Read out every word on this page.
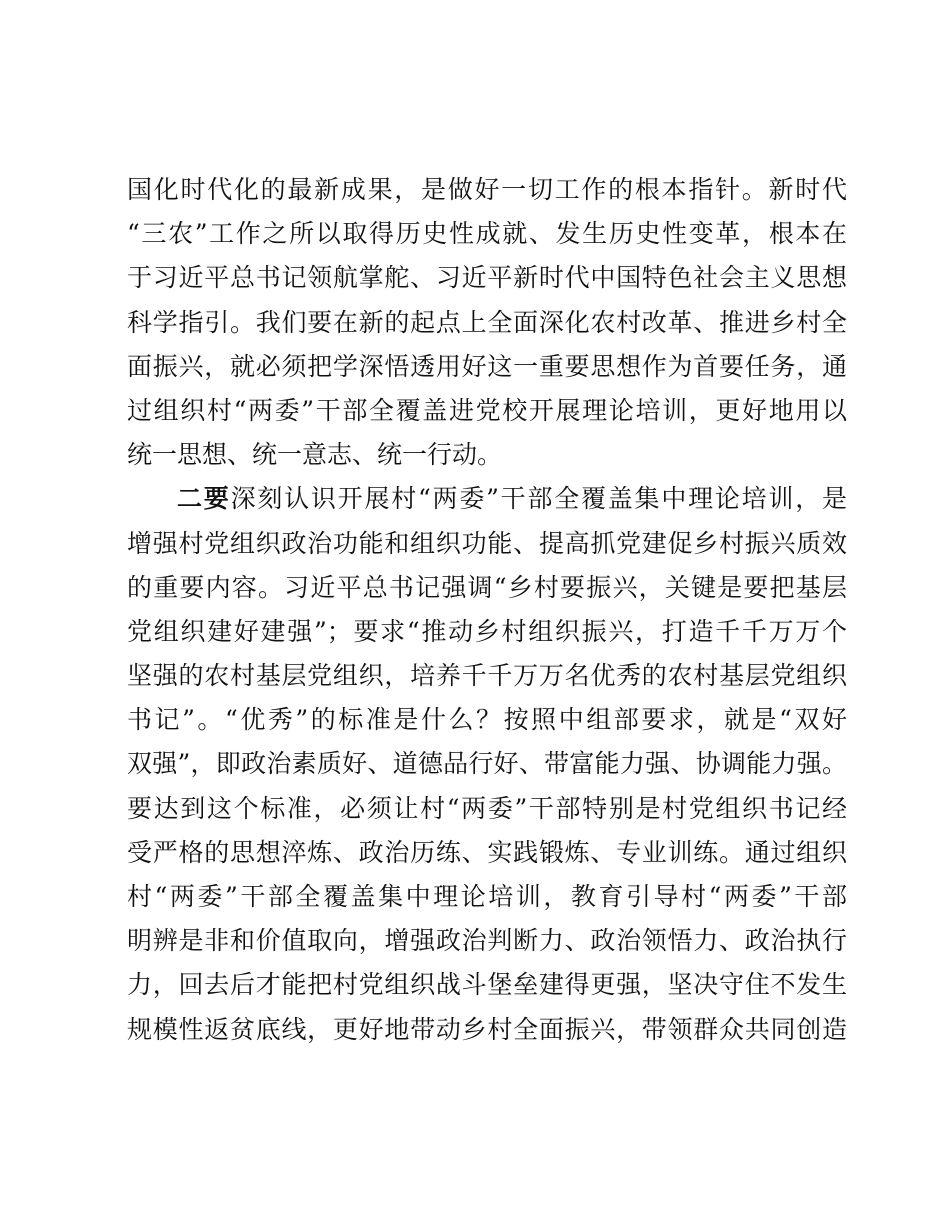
国化时代化的最新成果，是做好一切工作的根本指针。新时代
“三农”工作之所以取得历史性成就、发生历史性变革，根本在
于习近平总书记领航掌舵、习近平新时代中国特色社会主义思想
科学指引。我们要在新的起点上全面深化农村改革、推进乡村全
面振兴，就必须把学深悟透用好这一重要思想作为首要任务，通
过组织村“两委”干部全覆盖进党校开展理论培训，更好地用以
统一思想、统一意志、统一行动。
二要深刻认识开展村“两委”干部全覆盖集中理论培训，是
增强村党组织政治功能和组织功能、提高抓党建促乡村振兴质效
的重要内容。习近平总书记强调“乡村要振兴，关键是要把基层
党组织建好建强”；要求“推动乡村组织振兴，打造千千万万个
坚强的农村基层党组织，培养千千万万名优秀的农村基层党组织
书记”。“优秀”的标准是什么？按照中组部要求，就是“双好
双强”，即政治素质好、道德品行好、带富能力强、协调能力强。
要达到这个标准，必须让村“两委”干部特别是村党组织书记经
受严格的思想淬炼、政治历练、实践锻炼、专业训练。通过组织
村“两委”干部全覆盖集中理论培训，教育引导村“两委”干部
明辨是非和价值取向，增强政治判断力、政治领悟力、政治执行
力，回去后才能把村党组织战斗堡垒建得更强，坚决守住不发生
规模性返贫底线，更好地带动乡村全面振兴，带领群众共同创造
